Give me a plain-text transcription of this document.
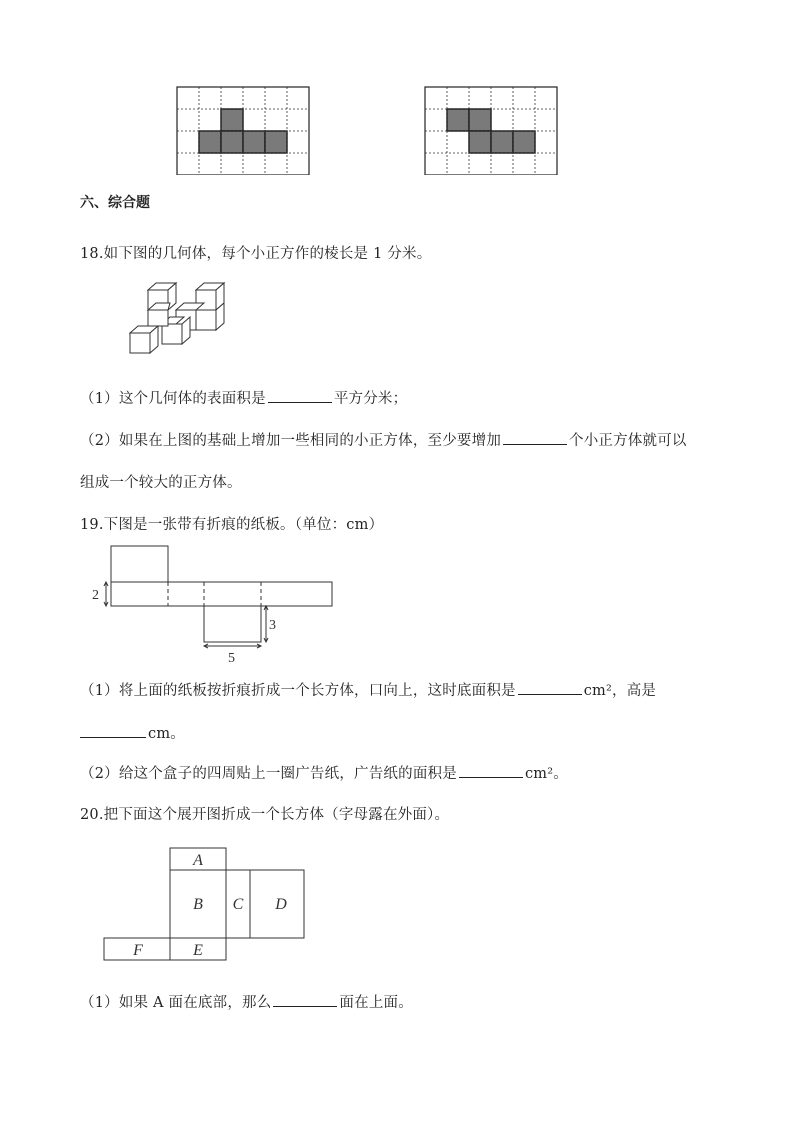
六、综合题
18.如下图的几何体，每个小正方作的棱长是 1 分米。
（1）这个几何体的表面积是	平方分米；
（2）如果在上图的基础上增加一些相同的小正方体，至少要增加	个小正方体就可以
组成一个较大的正方体。
19.下图是一张带有折痕的纸板。（单位：cm）
2
3
5
（1）将上面的纸板按折痕折成一个长方体，口向上，这时底面积是	cm²，高是
cm。
（2）给这个盒子的四周贴上一圈广告纸，广告纸的面积是	cm²。
20.把下面这个展开图折成一个长方体（字母露在外面）。
A
B C D
E
F
（1）如果 A 面在底部，那么	面在上面。
